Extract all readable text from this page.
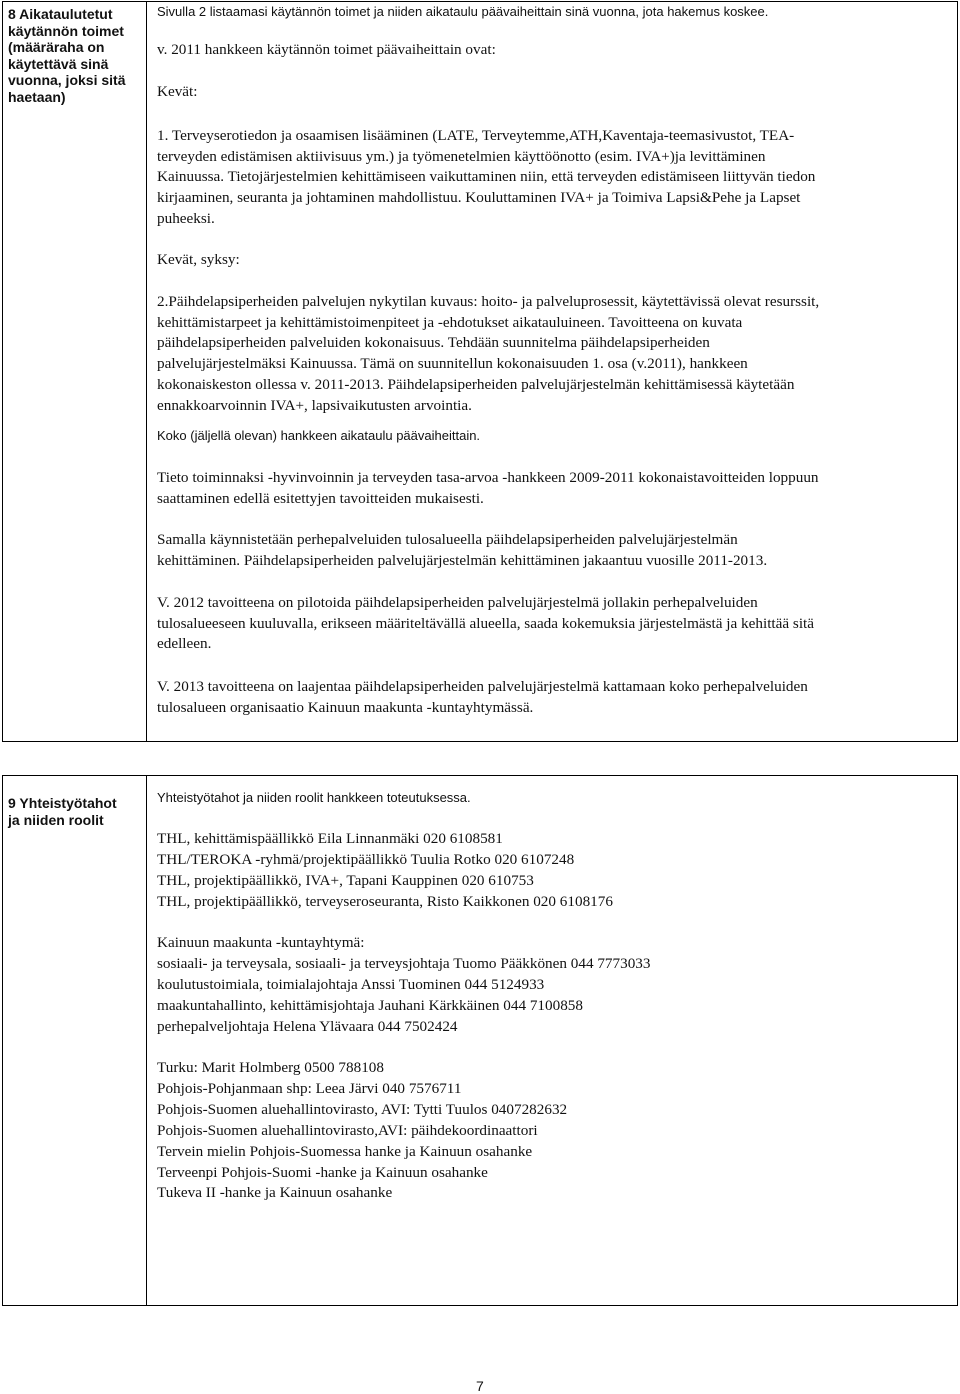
8 Aikataulutetut
käytännön toimet
(määräraha on
käytettävä sinä
vuonna, joksi sitä
haetaan)
Sivulla 2 listaamasi käytännön toimet ja niiden aikataulu päävaiheittain sinä vuonna, jota hakemus koskee.
v. 2011 hankkeen käytännön toimet päävaiheittain ovat:
Kevät:
1. Terveyserotiedon ja osaamisen lisääminen (LATE, Terveytemme,ATH,Kaventaja-teemasivustot, TEA-
terveyden edistämisen aktiivisuus ym.) ja työmenetelmien käyttöönotto (esim. IVA+)ja levittäminen
Kainuussa. Tietojärjestelmien kehittämiseen vaikuttaminen niin, että terveyden edistämiseen liittyvän tiedon
kirjaaminen, seuranta ja johtaminen mahdollistuu. Kouluttaminen IVA+ ja Toimiva Lapsi&Pehe ja Lapset
puheeksi.
Kevät, syksy:
2.Päihdelapsiperheiden palvelujen nykytilan kuvaus: hoito- ja palveluprosessit, käytettävissä olevat resurssit,
kehittämistarpeet ja kehittämistoimenpiteet ja -ehdotukset aikatauluineen. Tavoitteena on kuvata
päihdelapsiperheiden palveluiden kokonaisuus. Tehdään suunnitelma päihdelapsiperheiden
palvelujärjestelmäksi Kainuussa. Tämä on suunnitellun kokonaisuuden 1. osa (v.2011), hankkeen
kokonaiskeston ollessa v. 2011-2013. Päihdelapsiperheiden palvelujärjestelmän kehittämisessä käytetään
ennakkoarvoinnin IVA+, lapsivaikutusten arvointia.
Koko (jäljellä olevan) hankkeen aikataulu päävaiheittain.
Tieto toiminnaksi -hyvinvoinnin ja terveyden tasa-arvoa -hankkeen 2009-2011 kokonaistavoitteiden loppuun
saattaminen edellä esitettyjen tavoitteiden mukaisesti.
Samalla käynnistetään perhepalveluiden tulosalueella päihdelapsiperheiden palvelujärjestelmän
kehittäminen. Päihdelapsiperheiden palvelujärjestelmän kehittäminen jakaantuu vuosille 2011-2013.
V. 2012 tavoitteena on pilotoida päihdelapsiperheiden palvelujärjestelmä jollakin perhepalveluiden
tulosalueeseen kuuluvalla, erikseen määriteltävällä alueella, saada kokemuksia järjestelmästä ja kehittää sitä
edelleen.
V. 2013 tavoitteena on laajentaa päihdelapsiperheiden palvelujärjestelmä kattamaan koko perhepalveluiden
tulosalueen organisaatio Kainuun maakunta -kuntayhtymässä.
9 Yhteistyötahot
ja niiden roolit
Yhteistyötahot ja niiden roolit hankkeen toteutuksessa.
THL, kehittämispäällikkö Eila Linnanmäki 020 6108581
THL/TEROKA -ryhmä/projektipäällikkö Tuulia Rotko 020 6107248
THL, projektipäällikkö, IVA+, Tapani Kauppinen 020 610753
THL, projektipäällikkö, terveyseroseuranta, Risto Kaikkonen 020 6108176
Kainuun maakunta -kuntayhtymä:
sosiaali- ja terveysala, sosiaali- ja terveysjohtaja Tuomo Pääkkönen 044 7773033
koulutustoimiala, toimialajohtaja Anssi Tuominen 044 5124933
maakuntahallinto, kehittämisjohtaja Jauhani Kärkkäinen 044 7100858
perhepalveljohtaja Helena Ylävaara 044 7502424
Turku: Marit Holmberg 0500 788108
Pohjois-Pohjanmaan shp: Leea Järvi 040 7576711
Pohjois-Suomen aluehallintovirasto, AVI: Tytti Tuulos 0407282632
Pohjois-Suomen aluehallintovirasto,AVI: päihdekoordinaattori
Tervein mielin Pohjois-Suomessa hanke ja Kainuun osahanke
Terveenpi Pohjois-Suomi -hanke ja Kainuun osahanke
Tukeva II -hanke ja Kainuun osahanke
7
